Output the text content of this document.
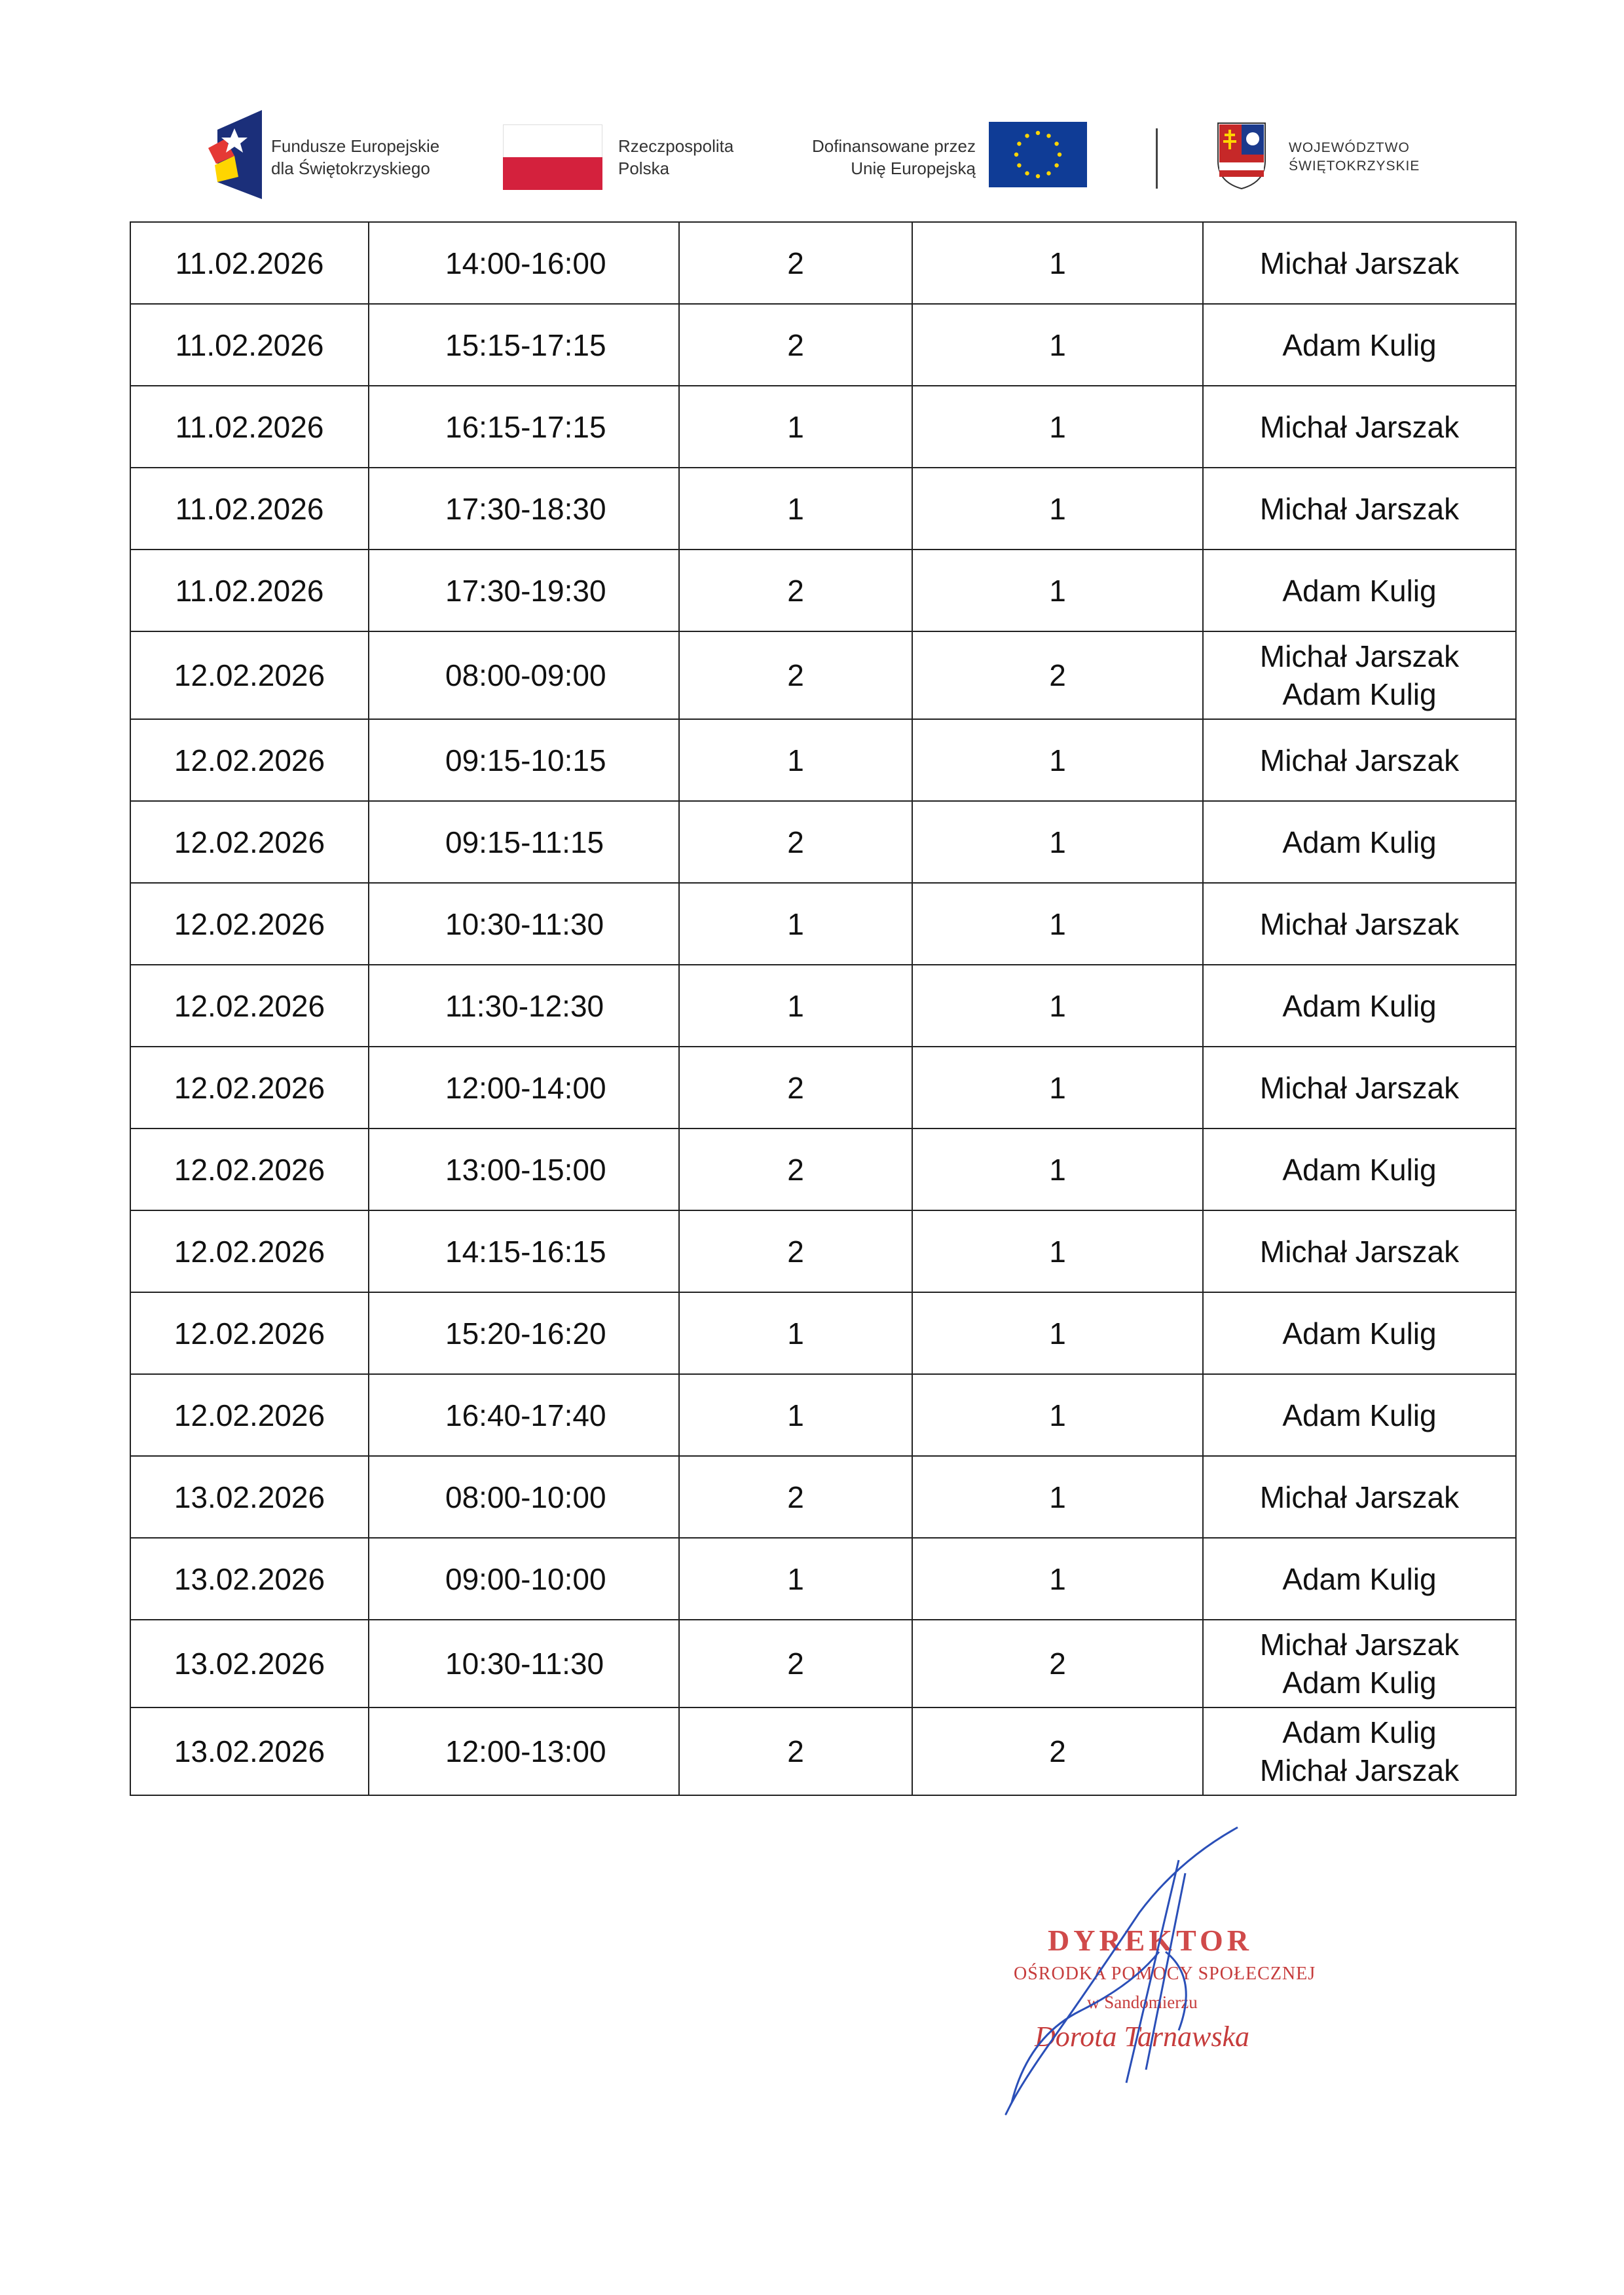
Fundusze Europejskie
dla Świętokrzyskiego
Rzeczpospolita
Polska
Dofinansowane przez
Unię Europejską
WOJEWÓDZTWO
ŚWIĘTOKRZYSKIE
11.02.2026	14:00-16:00	2	1	Michał Jarszak

11.02.2026	15:15-17:15	2	1	Adam Kulig

11.02.2026	16:15-17:15	1	1	Michał Jarszak

11.02.2026	17:30-18:30	1	1	Michał Jarszak

11.02.2026	17:30-19:30	2	1	Adam Kulig

12.02.2026	08:00-09:00	2	2	Michał Jarszak
Adam Kulig

12.02.2026	09:15-10:15	1	1	Michał Jarszak

12.02.2026	09:15-11:15	2	1	Adam Kulig

12.02.2026	10:30-11:30	1	1	Michał Jarszak

12.02.2026	11:30-12:30	1	1	Adam Kulig

12.02.2026	12:00-14:00	2	1	Michał Jarszak

12.02.2026	13:00-15:00	2	1	Adam Kulig

12.02.2026	14:15-16:15	2	1	Michał Jarszak

12.02.2026	15:20-16:20	1	1	Adam Kulig

12.02.2026	16:40-17:40	1	1	Adam Kulig

13.02.2026	08:00-10:00	2	1	Michał Jarszak

13.02.2026	09:00-10:00	1	1	Adam Kulig

13.02.2026	10:30-11:30	2	2	Michał Jarszak
Adam Kulig

13.02.2026	12:00-13:00	2	2	Adam Kulig
Michał Jarszak
DYREKTOR
OŚRODKA POMOCY SPOŁECZNEJ
w Sandomierzu
Dorota Tarnawska
